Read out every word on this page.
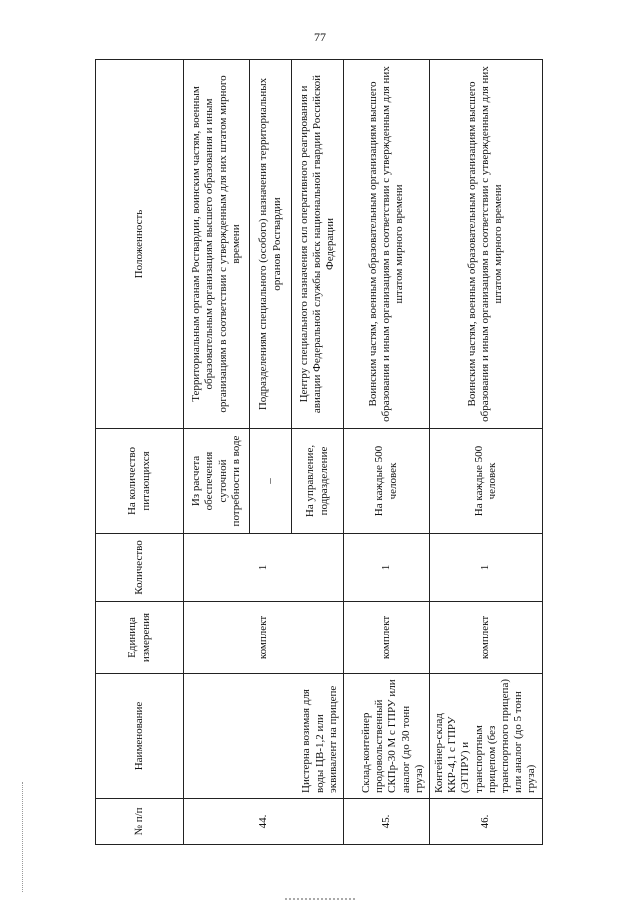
77
№ п/п	Наименование	Единица измерения	Количество	На количество питающихся	Положенность
44.	Цистерна возимая для воды ЦВ-1,2 или эквивалент на прицепе	комплект	1	Из расчета обеспечения суточной потребности в воде	Территориальным органам Росгвардии, воинским частям, военным образовательным организациям высшего образования и иным организациям в соответствии с утвержденным для них штатом мирного времени
				–	Подразделениям специального (особого) назначения территориальных органов Росгвардии
				На управление, подразделение	Центру специального назначения сил оперативного реагирования и авиации Федеральной службы войск национальной гвардии Российской Федерации
45.	Склад-контейнер продовольственный СКПр-30 М с ГПРУ или аналог (до 30 тонн груза)	комплект	1	На каждые 500 человек	Воинским частям, военным образовательным организациям высшего образования и иным организациям в соответствии с утвержденным для них штатом мирного времени
46.	Контейнер-склад ККР-4,1 с ГПРУ (ЭГПРУ) и транспортным прицепом (без транспортного прицепа) или аналог (до 5 тонн груза)	комплект	1	На каждые 500 человек	Воинским частям, военным образовательным организациям высшего образования и иным организациям в соответствии с утвержденным для них штатом мирного времени
